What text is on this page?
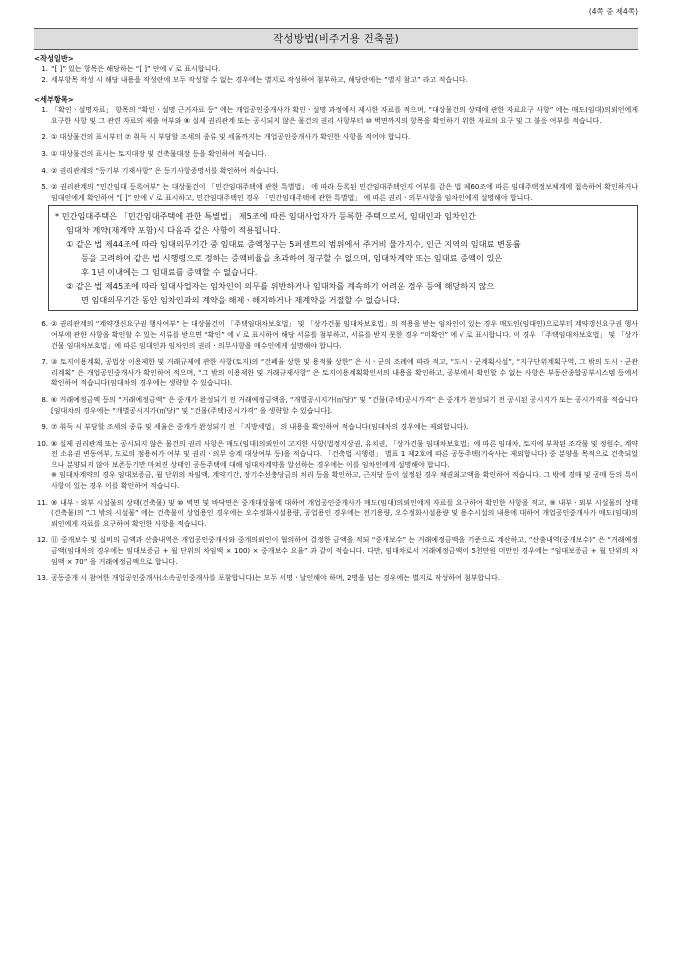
(4쪽 중 제4쪽)
작성방법(비주거용 건축물)
<작성일반>
1. “[ ]” 있는 항목은 해당하는 “[ ]” 안에 √ 로 표시합니다.
2. 세부항목 작성 시 해당 내용을 작성란에 모두 작성할 수 없는 경우에는 별지로 작성하여 첨부하고, 해당란에는 “별지 참고” 라고 적습니다.
<세부항목>
1. 「확인ㆍ설명자료」 항목의 “확인ㆍ설명 근거자료 등” 에는 개업공인중개사가 확인ㆍ설명 과정에서 제시한 자료를 적으며, “대상물건의 상태에 관한 자료요구 사항” 에는 매도(임대)의뢰인에게 요구한 사항 및 그 관련 자료의 제출 여부와 ⑧ 실제 권리관계 또는 공시되지 않은 물건의 권리 사항부터 ⑩ 벽면까지의 항목을 확인하기 위한 자료의 요구 및 그 불응 여부를 적습니다.
2. ① 대상물건의 표시부터 ⑦ 취득 시 부담할 조세의 종류 및 세율까지는 개업공인중개사가 확인한 사항을 적어야 합니다.
3. ① 대상물건의 표시는 토지대장 및 건축물대장 등을 확인하여 적습니다.
4. ② 권리관계의 “등기부 기재사항” 은 등기사항증명서를 확인하여 적습니다.
5. ② 권리관계의 “민간임대 등록여부” 는 대상물건이 「민간임대주택에 관한 특별법」 에 따라 등록된 민간임대주택인지 여부를 같은 법 제60조에 따른 임대주택정보체계에 접속하여 확인하거나 임대인에게 확인하여 “[ ]” 안에 √ 로 표시하고, 민간임대주택인 경우 「민간임대주택에 관한 특별법」 에 따른 권리ㆍ의무사항을 임차인에게 설명해야 합니다.
* 민간임대주택은 「민간임대주택에 관한 특별법」 제5조에 따른 임대사업자가 등록한 주택으로서, 임대인과 임차인간
임대차 계약(재계약 포함)시 다음과 같은 사항이 적용됩니다.
① 같은 법 제44조에 따라 임대의무기간 중 임대료 증액청구는 5퍼센트의 범위에서 주거비 물가지수, 인근 지역의 임대료 변동률
등을 고려하여 같은 법 시행령으로 정하는 증액비율을 초과하여 청구할 수 없으며, 임대차계약 또는 임대료 증액이 있은
후 1년 이내에는 그 임대료를 증액할 수 없습니다.
② 같은 법 제45조에 따라 임대사업자는 임차인이 의무를 위반하거나 임대차를 계속하기 어려운 경우 등에 해당하지 않으
면 임대의무기간 동안 임차인과의 계약을 해제ㆍ해지하거나 재계약을 거절할 수 없습니다.
6. ② 권리관계의 “계약갱신요구권 행사여부” 는 대상물건이 「주택임대차보호법」 및 「상가건물 임대차보호법」의 적용을 받는 임차인이 있는 경우 매도인(임대인)으로부터 계약갱신요구권 행사 여부에 관한 사항을 확인할 수 있는 서류를 받으면 “확인” 에 √ 로 표시하여 해당 서류를 첨부하고, 서류를 받지 못한 경우 “미확인” 에 √ 로 표시합니다. 이 경우 「주택임대차보호법」 및 「상가건물 임대차보호법」에 따른 임대인과 임차인의 권리ㆍ의무사항을 매수인에게 설명해야 합니다.
7. ③ 토지이용계획, 공법상 이용제한 및 거래규제에 관한 사항(토지)의 “건폐율 상한 및 용적률 상한” 은 시ㆍ군의 조례에 따라 적고, “도시ㆍ군계획시설”, “지구단위계획구역, 그 밖의 도시ㆍ군관리계획” 은 개업공인중개사가 확인하여 적으며, “그 밖의 이용제한 및 거래규제사항” 은 토지이용계획확인서의 내용을 확인하고, 공부에서 확인할 수 없는 사항은 부동산종합공부시스템 등에서 확인하여 적습니다(임대차의 경우에는 생략할 수 있습니다).
8. ⑥ 거래예정금액 등의 “거래예정금액” 은 중개가 완성되기 전 거래예정금액을, “개별공시지가(㎡당)” 및 “건물(주택)공시가격” 은 중개가 완성되기 전 공시된 공시지가 또는 공시가격을 적습니다[임대차의 경우에는 “개별공시지가(㎡당)” 및 “건물(주택)공시가격” 을 생략할 수 있습니다].
9. ⑦ 취득 시 부담할 조세의 종류 및 세율은 중개가 완성되기 전 「지방세법」 의 내용을 확인하여 적습니다(임대차의 경우에는 제외합니다).
10. ⑧ 실제 권리관계 또는 공시되지 않은 물건의 권리 사항은 매도(임대)의뢰인이 고지한 사항(법정지상권, 유치권, 「상가건물 임대차보호법」에 따른 임대차, 토지에 부착된 조각물 및 정원수, 계약 전 소유권 변동여부, 도로의 점용허가 여부 및 권리ㆍ의무 승계 대상여부 등)을 적습니다. 「건축법 시행령」 별표 1 제2호에 따른 공동주택(기숙사는 제외합니다) 중 분양을 목적으로 건축되었으나 분양되지 않아 보존등기만 마쳐진 상태인 공동주택에 대해 임대차계약을 알선하는 경우에는 이를 임차인에게 설명해야 합니다.
※ 임대차계약의 경우 임대보증금, 월 단위의 차임액, 계약기간, 장기수선충당금의 처리 등을 확인하고, 근저당 등이 설정된 경우 채권최고액을 확인하여 적습니다. 그 밖에 경매 및 공매 등의 특이사항이 있는 경우 이를 확인하여 적습니다.
11. ⑨ 내부ㆍ외부 시설물의 상태(건축물) 및 ⑩ 벽면 및 바닥면은 중개대상물에 대하여 개업공인중개사가 매도(임대)의뢰인에게 자료를 요구하여 확인한 사항을 적고, ⑨ 내부ㆍ외부 시설물의 상태(건축물)의 “그 밖의 시설물” 에는 건축물이 상업용인 경우에는 오수정화시설용량, 공업용인 경우에는 전기용량, 오수정화시설용량 및 용수시설의 내용에 대하여 개업공인중개사가 매도(임대)의뢰인에게 자료를 요구하여 확인한 사항을 적습니다.
12. ⑪ 중개보수 및 실비의 금액과 산출내역은 개업공인중개사와 중개의뢰인이 협의하여 결정한 금액을 적되 “중개보수” 는 거래예정금액을 기준으로 계산하고, “산출내역(중개보수)” 은 “거래예정금액(임대차의 경우에는 임대보증금 + 월 단위의 차임액 × 100) × 중개보수 요율” 과 같이 적습니다. 다만, 임대차로서 거래예정금액이 5천만원 미만인 경우에는 “임대보증금 + 월 단위의 차임액 × 70” 을 거래예정금액으로 합니다.
13. 공동중개 시 참여한 개업공인중개사(소속공인중개사를 포함합니다)는 모두 서명ㆍ날인해야 하며, 2명을 넘는 경우에는 별지로 작성하여 첨부합니다.
